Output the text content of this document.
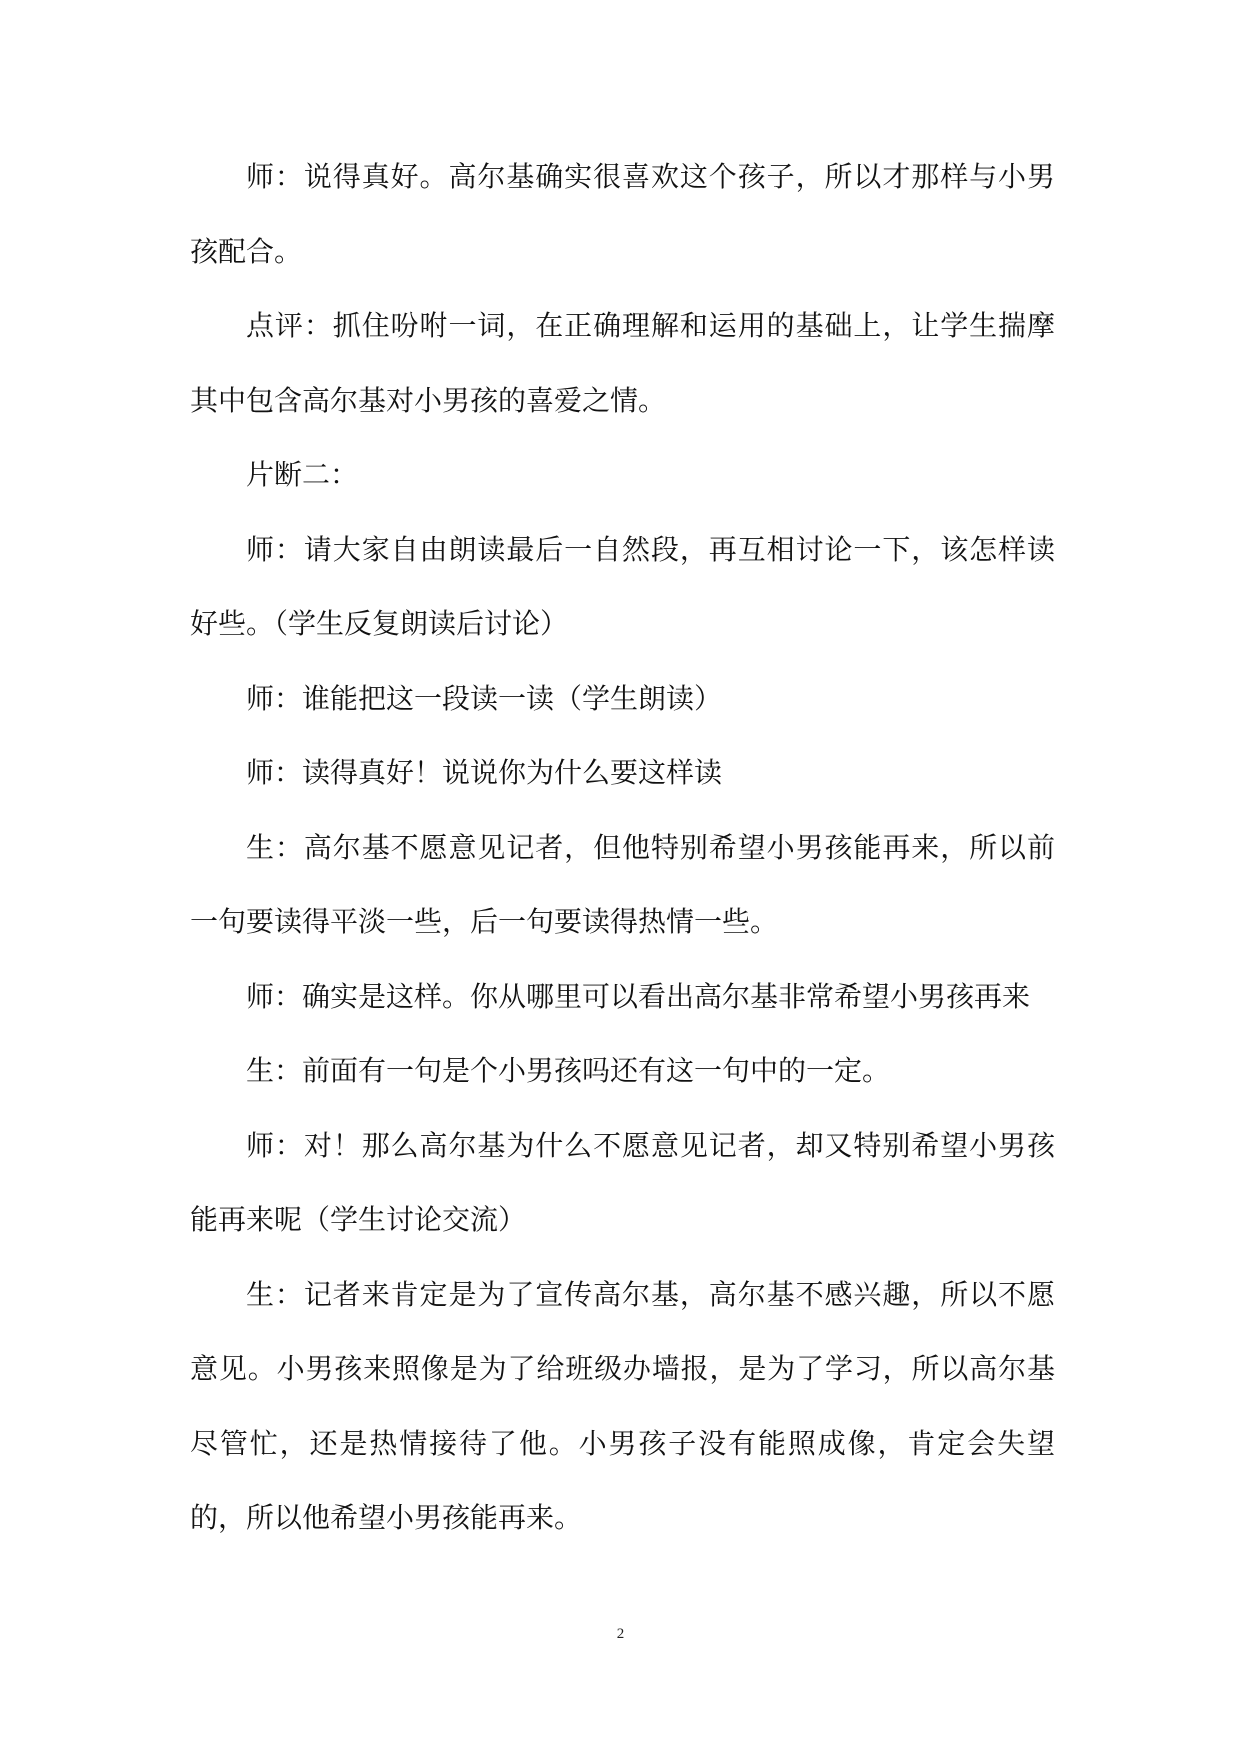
师：说得真好。高尔基确实很喜欢这个孩子，所以才那样与小男孩配合。

点评：抓住吩咐一词，在正确理解和运用的基础上，让学生揣摩其中包含高尔基对小男孩的喜爱之情。

片断二：

师：请大家自由朗读最后一自然段，再互相讨论一下，该怎样读好些。（学生反复朗读后讨论）

师：谁能把这一段读一读（学生朗读）

师：读得真好！说说你为什么要这样读

生：高尔基不愿意见记者，但他特别希望小男孩能再来，所以前一句要读得平淡一些，后一句要读得热情一些。

师：确实是这样。你从哪里可以看出高尔基非常希望小男孩再来

生：前面有一句是个小男孩吗还有这一句中的一定。

师：对！那么高尔基为什么不愿意见记者，却又特别希望小男孩能再来呢（学生讨论交流）

生：记者来肯定是为了宣传高尔基，高尔基不感兴趣，所以不愿意见。小男孩来照像是为了给班级办墙报，是为了学习，所以高尔基尽管忙，还是热情接待了他。小男孩子没有能照成像，肯定会失望的，所以他希望小男孩能再来。

2
